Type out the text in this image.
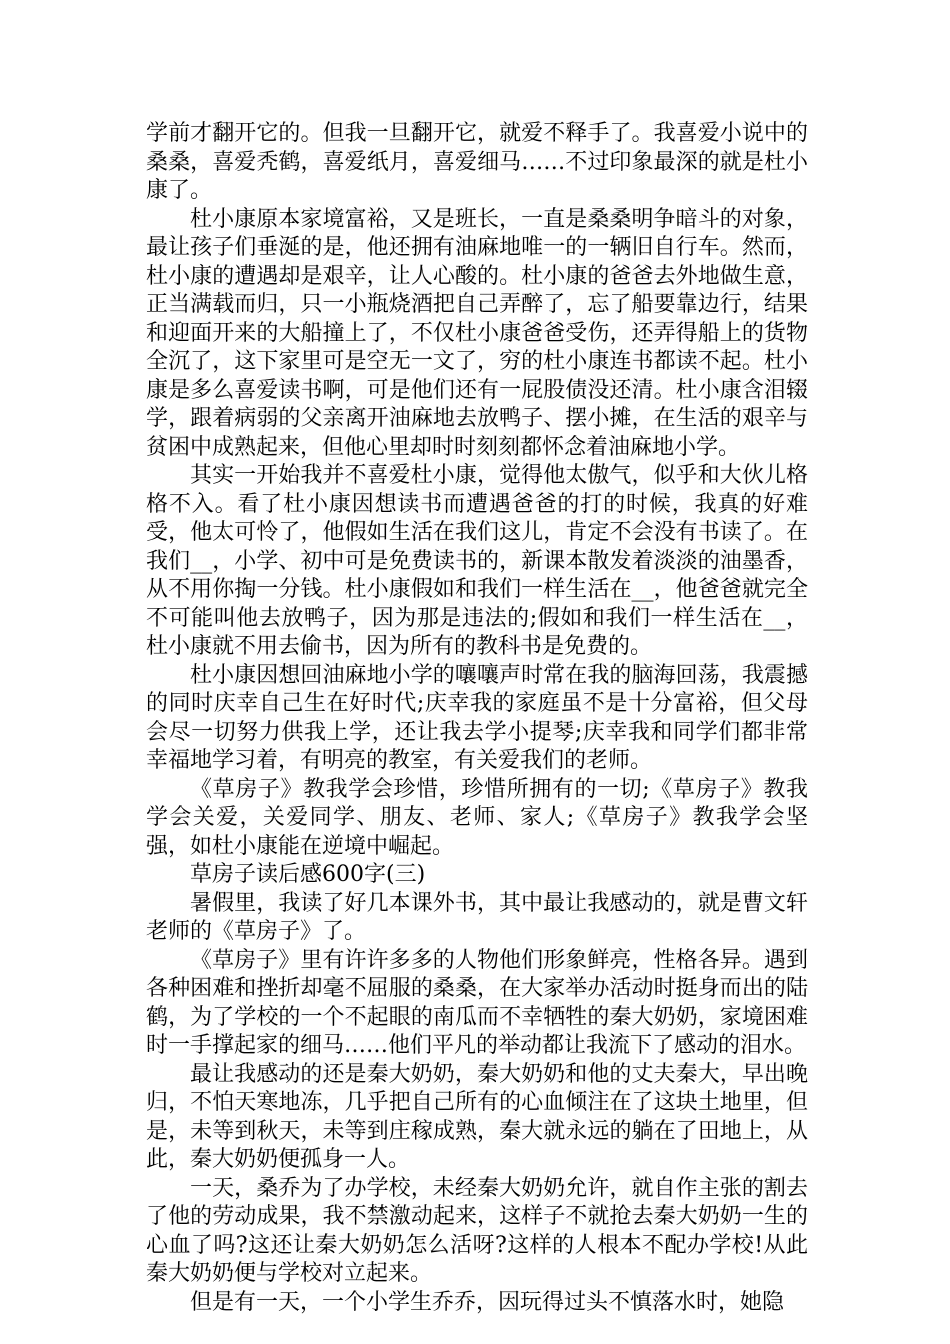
学前才翻开它的。但我一旦翻开它，就爱不释手了。我喜爱小说中的桑桑，喜爱秃鹤，喜爱纸月，喜爱细马……不过印象最深的就是杜小康了。

杜小康原本家境富裕，又是班长，一直是桑桑明争暗斗的对象，最让孩子们垂涎的是，他还拥有油麻地唯一的一辆旧自行车。然而，杜小康的遭遇却是艰辛，让人心酸的。杜小康的爸爸去外地做生意，正当满载而归，只一小瓶烧酒把自己弄醉了，忘了船要靠边行，结果和迎面开来的大船撞上了，不仅杜小康爸爸受伤，还弄得船上的货物全沉了，这下家里可是空无一文了，穷的杜小康连书都读不起。杜小康是多么喜爱读书啊，可是他们还有一屁股债没还清。杜小康含泪辍学，跟着病弱的父亲离开油麻地去放鸭子、摆小摊，在生活的艰辛与贫困中成熟起来，但他心里却时时刻刻都怀念着油麻地小学。

其实一开始我并不喜爱杜小康，觉得他太傲气，似乎和大伙儿格格不入。看了杜小康因想读书而遭遇爸爸的打的时候，我真的好难受，他太可怜了，他假如生活在我们这儿，肯定不会没有书读了。在我们__，小学、初中可是免费读书的，新课本散发着淡淡的油墨香，从不用你掏一分钱。杜小康假如和我们一样生活在__，他爸爸就完全不可能叫他去放鸭子，因为那是违法的;假如和我们一样生活在__，杜小康就不用去偷书，因为所有的教科书是免费的。

杜小康因想回油麻地小学的嚷嚷声时常在我的脑海回荡，我震撼的同时庆幸自己生在好时代;庆幸我的家庭虽不是十分富裕，但父母会尽一切努力供我上学，还让我去学小提琴;庆幸我和同学们都非常幸福地学习着，有明亮的教室，有关爱我们的老师。

《草房子》教我学会珍惜，珍惜所拥有的一切;《草房子》教我学会关爱，关爱同学、朋友、老师、家人;《草房子》教我学会坚强，如杜小康能在逆境中崛起。

草房子读后感600字(三)

暑假里，我读了好几本课外书，其中最让我感动的，就是曹文轩老师的《草房子》了。

《草房子》里有许许多多的人物他们形象鲜亮，性格各异。遇到各种困难和挫折却毫不屈服的桑桑，在大家举办活动时挺身而出的陆鹤，为了学校的一个不起眼的南瓜而不幸牺牲的秦大奶奶，家境困难时一手撑起家的细马……他们平凡的举动都让我流下了感动的泪水。

最让我感动的还是秦大奶奶，秦大奶奶和他的丈夫秦大，早出晚归，不怕天寒地冻，几乎把自己所有的心血倾注在了这块土地里，但是，未等到秋天，未等到庄稼成熟，秦大就永远的躺在了田地上，从此，秦大奶奶便孤身一人。

一天，桑乔为了办学校，未经秦大奶奶允许，就自作主张的割去了他的劳动成果，我不禁激动起来，这样子不就抢去秦大奶奶一生的心血了吗?这还让秦大奶奶怎么活呀?这样的人根本不配办学校!从此秦大奶奶便与学校对立起来。

但是有一天，一个小学生乔乔，因玩得过头不慎落水时，她隐
